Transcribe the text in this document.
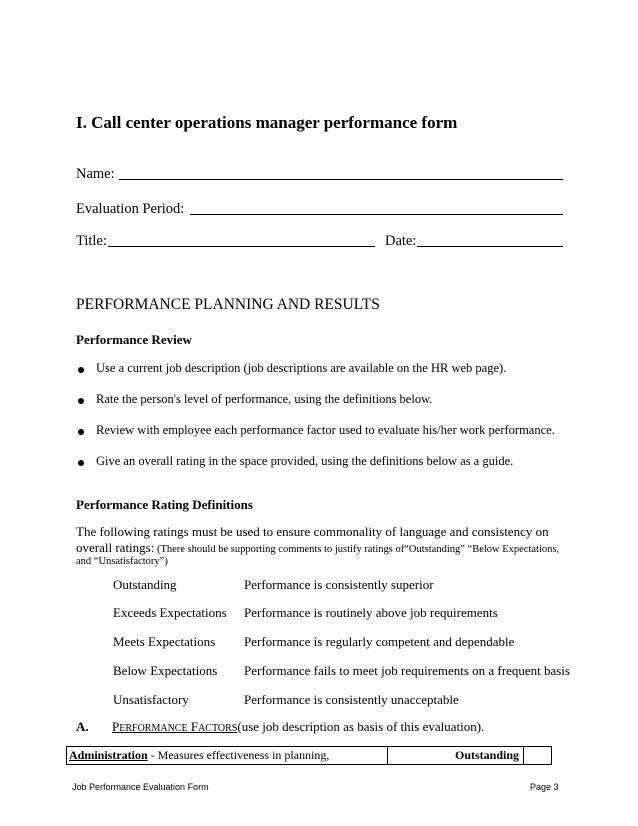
I. Call center operations manager performance form
Name:
Evaluation Period:
Title:	Date:
PERFORMANCE PLANNING AND RESULTS
Performance Review
Use a current job description (job descriptions are available on the HR web page).
Rate the person's level of performance, using the definitions below.
Review with employee each performance factor used to evaluate his/her work performance.
Give an overall rating in the space provided, using the definitions below as a guide.
Performance Rating Definitions
The following ratings must be used to ensure commonality of language and consistency on
overall ratings: (There should be supporting comments to justify ratings of“Outstanding” “Below Expectations,
and “Unsatisfactory”)
Outstanding	Performance is consistently superior
Exceeds Expectations Performance is routinely above job requirements
Meets Expectations Performance is regularly competent and dependable
Below Expectations Performance fails to meet job requirements on a frequent basis
Unsatisfactory	Performance is consistently unacceptable
A. PERFORMANCE FACTORS(use job description as basis of this evaluation).
Administration - Measures effectiveness in planning,	Outstanding
Job Performance Evaluation Form	Page 3
